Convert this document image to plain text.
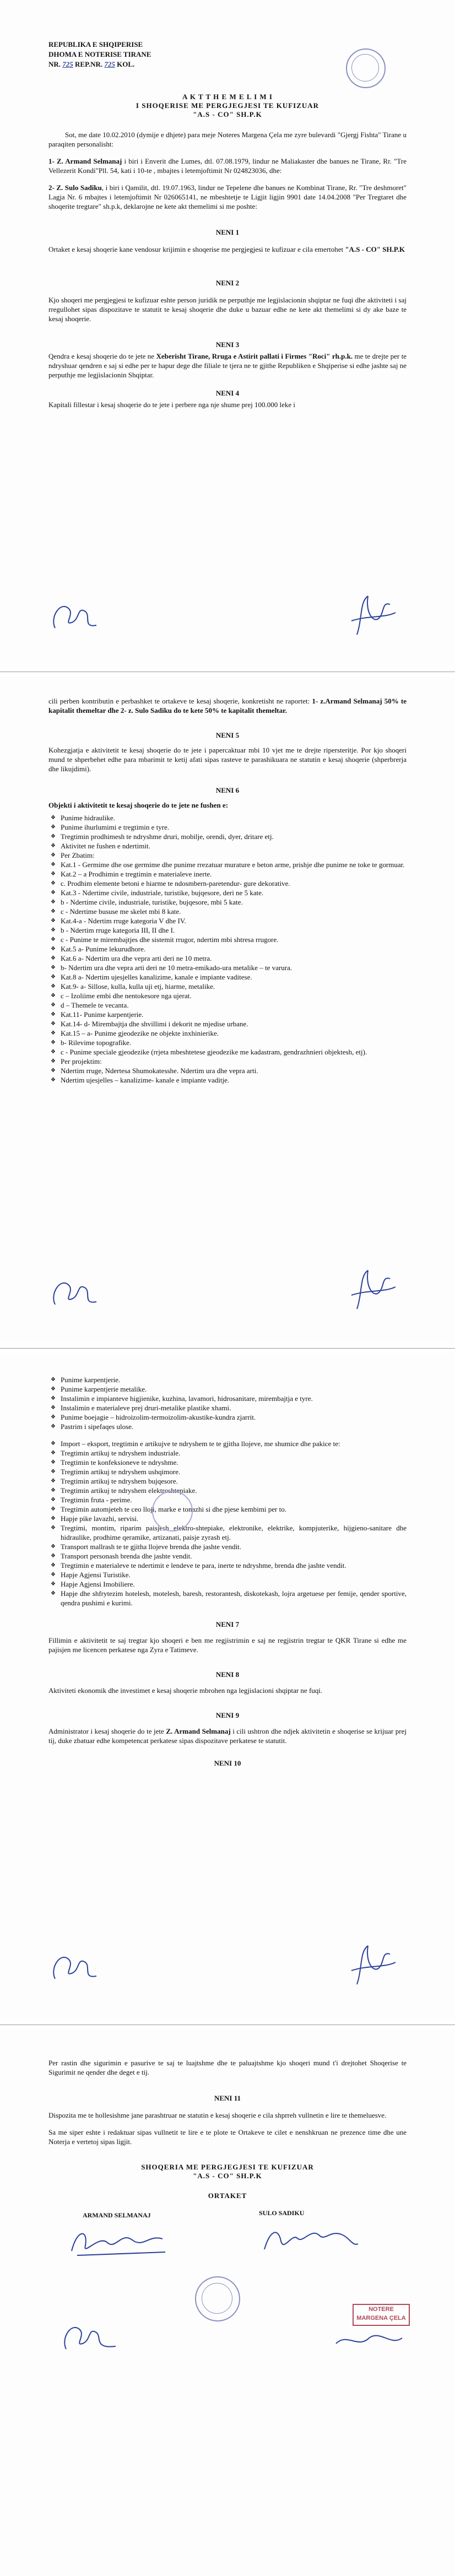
REPUBLIKA E SHQIPERISE
DHOMA E NOTERISE TIRANE
NR. 725 REP.NR. 725 KOL.
A K T T H E M E L I M I
I SHOQERISE ME PERGJEGJESI TE KUFIZUAR
"A.S - CO" SH.P.K

Sot, me date 10.02.2010 (dymije e dhjete) para meje Noteres Margena Çela me zyre bulevardi "Gjergj Fishta" Tirane u paraqiten personalisht:

1- Z. Armand Selmanaj i biri i Enverit dhe Lumes, dtl. 07.08.1979, lindur ne Maliakaster dhe banues ne Tirane, Rr. "Tre Vellezerit Kondi"Pll. 54, kati i 10-te , mbajtes i letemjoftimit Nr 024823036, dhe:

2- Z. Sulo Sadiku, i biri i Qamilit, dtl. 19.07.1963, lindur ne Tepelene dhe banues ne Kombinat Tirane, Rr. "Tre deshmoret" Lagja Nr. 6 mbajtes i letemjoftimit Nr 026065141, ne mbeshtetje te Ligjit ligjin 9901 date 14.04.2008 "Per Tregtaret dhe shoqerite tregtare" sh.p.k, deklarojne ne kete akt themelimi si me poshte:

NENI 1

Ortaket e kesaj shoqerie kane vendosur krijimin e shoqerise me pergjegjesi te kufizuar e cila emertohet "A.S - CO" SH.P.K

NENI 2

Kjo shoqeri me pergjegjesi te kufizuar eshte person juridik ne perputhje me legjislacionin shqiptar ne fuqi dhe aktiviteti i saj rregullohet sipas dispozitave te statutit te kesaj shoqerie dhe duke u bazuar edhe ne kete akt themelimi si dy ake baze te kesaj shoqerie.

NENI 3

Qendra e kesaj shoqerie do te jete ne Xeberisht Tirane, Rruga e Astirit pallati i Firmes "Roci" rh.p.k. me te drejte per te ndryshuar qendren e saj si edhe per te hapur dege dhe filiale te tjera ne te gjithe Republiken e Shqiperise si edhe jashte saj ne perputhje me legjislacionin Shqiptar.

NENI 4

Kapitali fillestar i kesaj shoqerie do te jete i perbere nga nje shume prej 100.000 leke i

cili perben kontributin e perbashket te ortakeve te kesaj shoqerie, konkretisht ne raportet: 1- z.Armand Selmanaj 50% te kapitalit themeltar dhe 2- z. Sulo Sadiku do te kete 50% te kapitalit themeltar.

NENI 5

Kohezgjatja e aktivitetit te kesaj shoqerie do te jete i papercaktuar mbi 10 vjet me te drejte ripersteritje. Por kjo shoqeri mund te shperbehet edhe para mbarimit te ketij afati sipas rasteve te parashikuara ne statutin e kesaj shoqerie (shperbrerja dhe likujdimi).

NENI 6

Objekti i aktivitetit te kesaj shoqerie do te jete ne fushen e:

❖ Punime hidraulike.

❖ Punime ihurlumimi e tregtimin e tyre.

❖ Tregtimin prodhimesh te ndryshme druri, mobilje, orendi, dyer, dritare etj.

❖ Aktivitet ne fushen e ndertimit.

❖ Per Zbatim:

❖ Kat.1 - Germime dhe ose germime dhe punime rrezatuar murature e beton arme, prishje dhe punime ne toke te gormuar.

❖ Kat.2 – a Prodhimin e tregtimin e materialeve inerte.

❖ c. Prodhim elemente betoni e hiarme te ndosmbern-paretendur- gure dekorative.

❖ Kat.3 - Ndertime civile, industriale, turistike, bujqesore, deri ne 5 kate.

❖ b - Ndertime civile, industriale, turistike, bujqesore, mbi 5 kate.

❖ c - Ndertime bususe me skelet mbi 8 kate.

❖ Kat.4-a - Ndertim rruge kategoria V dhe IV.

❖ b - Ndertim rruge kategoria III, II dhe I.

❖ c - Punime te mirembajtjes dhe sistemit rrugor, ndertim mbi shtresa rrugore.

❖ Kat.5 a- Punime lekurudhore.

❖ Kat.6 a- Ndertim ura dhe vepra arti deri ne 10 metra.

❖ b- Ndertim ura dhe vepra arti deri ne 10 metra-emikado-ura metalike – te varura.

❖ Kat.8 a- Ndertim ujesjelles kanalizime, kanale e impiante vaditese.

❖ Kat.9- a- Sillose, kulla, kulla uji etj, hiarme, metalike.

❖ c – Izoliime embi dhe nentokesore nga ujerat.

❖ d – Themele te vecanta.

❖ Kat.11- Punime karpentjerie.

❖ Kat.14- d- Mirembajtja dhe shvillimi i dekorit ne mjedise urbane.

❖ Kat.15 – a- Punime gjeodezike ne objekte inxhinierike.

❖ b- Rilevime topografike.

❖ c - Punime speciale gjeodezike (rrjeta mbeshtetese gjeodezike me kadastram, gendrazhnieri objektesh, etj).

❖ Per projektim:

❖ Ndertim rruge, Ndertesa Shumokatesshe. Ndertim ura dhe vepra arti.

❖ Ndertim ujesjelles – kanalizime- kanale e impiante vaditje.

❖ Punime karpentjerie.

❖ Punime karpentjerie metalike.

❖ Instalimin e impianteve higjienike, kuzhina, lavamori, hidrosanitare, mirembajtja e tyre.

❖ Instalimin e materialeve prej druri-metalike plastike xhami.

❖ Punime boejagie – hidroizolim-termoizolim-akustike-kundra zjarrit.

❖ Pastrim i sipefaqes ulose.

❖ Import – eksport, tregtimin e artikujve te ndryshem te te gjitha llojeve, me shumice dhe pakice te:

❖ Tregtimin artikuj te ndryshem industriale.

❖ Tregtimin te konfeksioneve te ndryshme.

❖ Tregtimin artikuj te ndryshem ushqimore.

❖ Tregtimin artikuj te ndryshem bujqesore.

❖ Tregtimin artikuj te ndryshem elektroshtepiake.

❖ Tregtimin fruta - perime.

❖ Tregtimin automjeteh te ceo lloji, marke e tonazhi si dhe pjese kembimi per to.

❖ Hapje pike lavazhi, servisi.

❖ Tregtimi, montim, riparim paisjesh elektro-shtepiake, elektronike, elektrike, kompjuterike, hijgieno-sanitare dhe hidraulike, prodhime qeramike, artizanati, paisje zyrash etj.

❖ Transport mallrash te te gjitha llojeve brenda dhe jashte vendit.

❖ Transport personash brenda dhe jashte vendit.

❖ Tregtimin e materialeve te ndertimit e lendeve te para, inerte te ndryshme, brenda dhe jashte vendit.

❖ Hapje Agjensi Turistike.

❖ Hapje Agjensi Imobiliere.

❖ Hapje dhe shfrytezim hotelesh, motelesh, baresh, restorantesh, diskotekash, lojra argetuese per femije, qender sportive, qendra pushimi e kurimi.

NENI 7

Fillimin e aktivitetit te saj tregtar kjo shoqeri e ben me regjistrimin e saj ne regjistrin tregtar te QKR Tirane si edhe me pajisjen me licencen perkatese nga Zyra e Tatimeve.

NENI 8

Aktiviteti ekonomik dhe investimet e kesaj shoqerie mbrohen nga legjislacioni shqiptar ne fuqi.

NENI 9

Administrator i kesaj shoqerie do te jete Z. Armand Selmanaj i cili ushtron dhe ndjek aktivitetin e shoqerise se krijuar prej tij, duke zbatuar edhe kompetencat perkatese sipas dispozitave perkatese te statutit.

NENI 10

Per rastin dhe sigurimin e pasurive te saj te luajtshme dhe te paluajtshme kjo shoqeri mund t'i drejtohet Shoqerise te Sigurimit ne qender dhe deget e tij.

NENI 11

Dispozita me te hollesishme jane parashtruar ne statutin e kesaj shoqerie e cila shprreh vullnetin e lire te themeluesve.

Sa me siper eshte i redaktuar sipas vullnetit te lire e te plote te Ortakeve te cilet e nenshkruan ne prezence time dhe une Noterja e vertetoj sipas ligjit.

SHOQERIA ME PERGJEGJESI TE KUFIZUAR
"A.S - CO" SH.P.K
ORTAKET
ARMAND SELMANAJ	SULO SADIKU
NOTERE
MARGENA ÇELA
